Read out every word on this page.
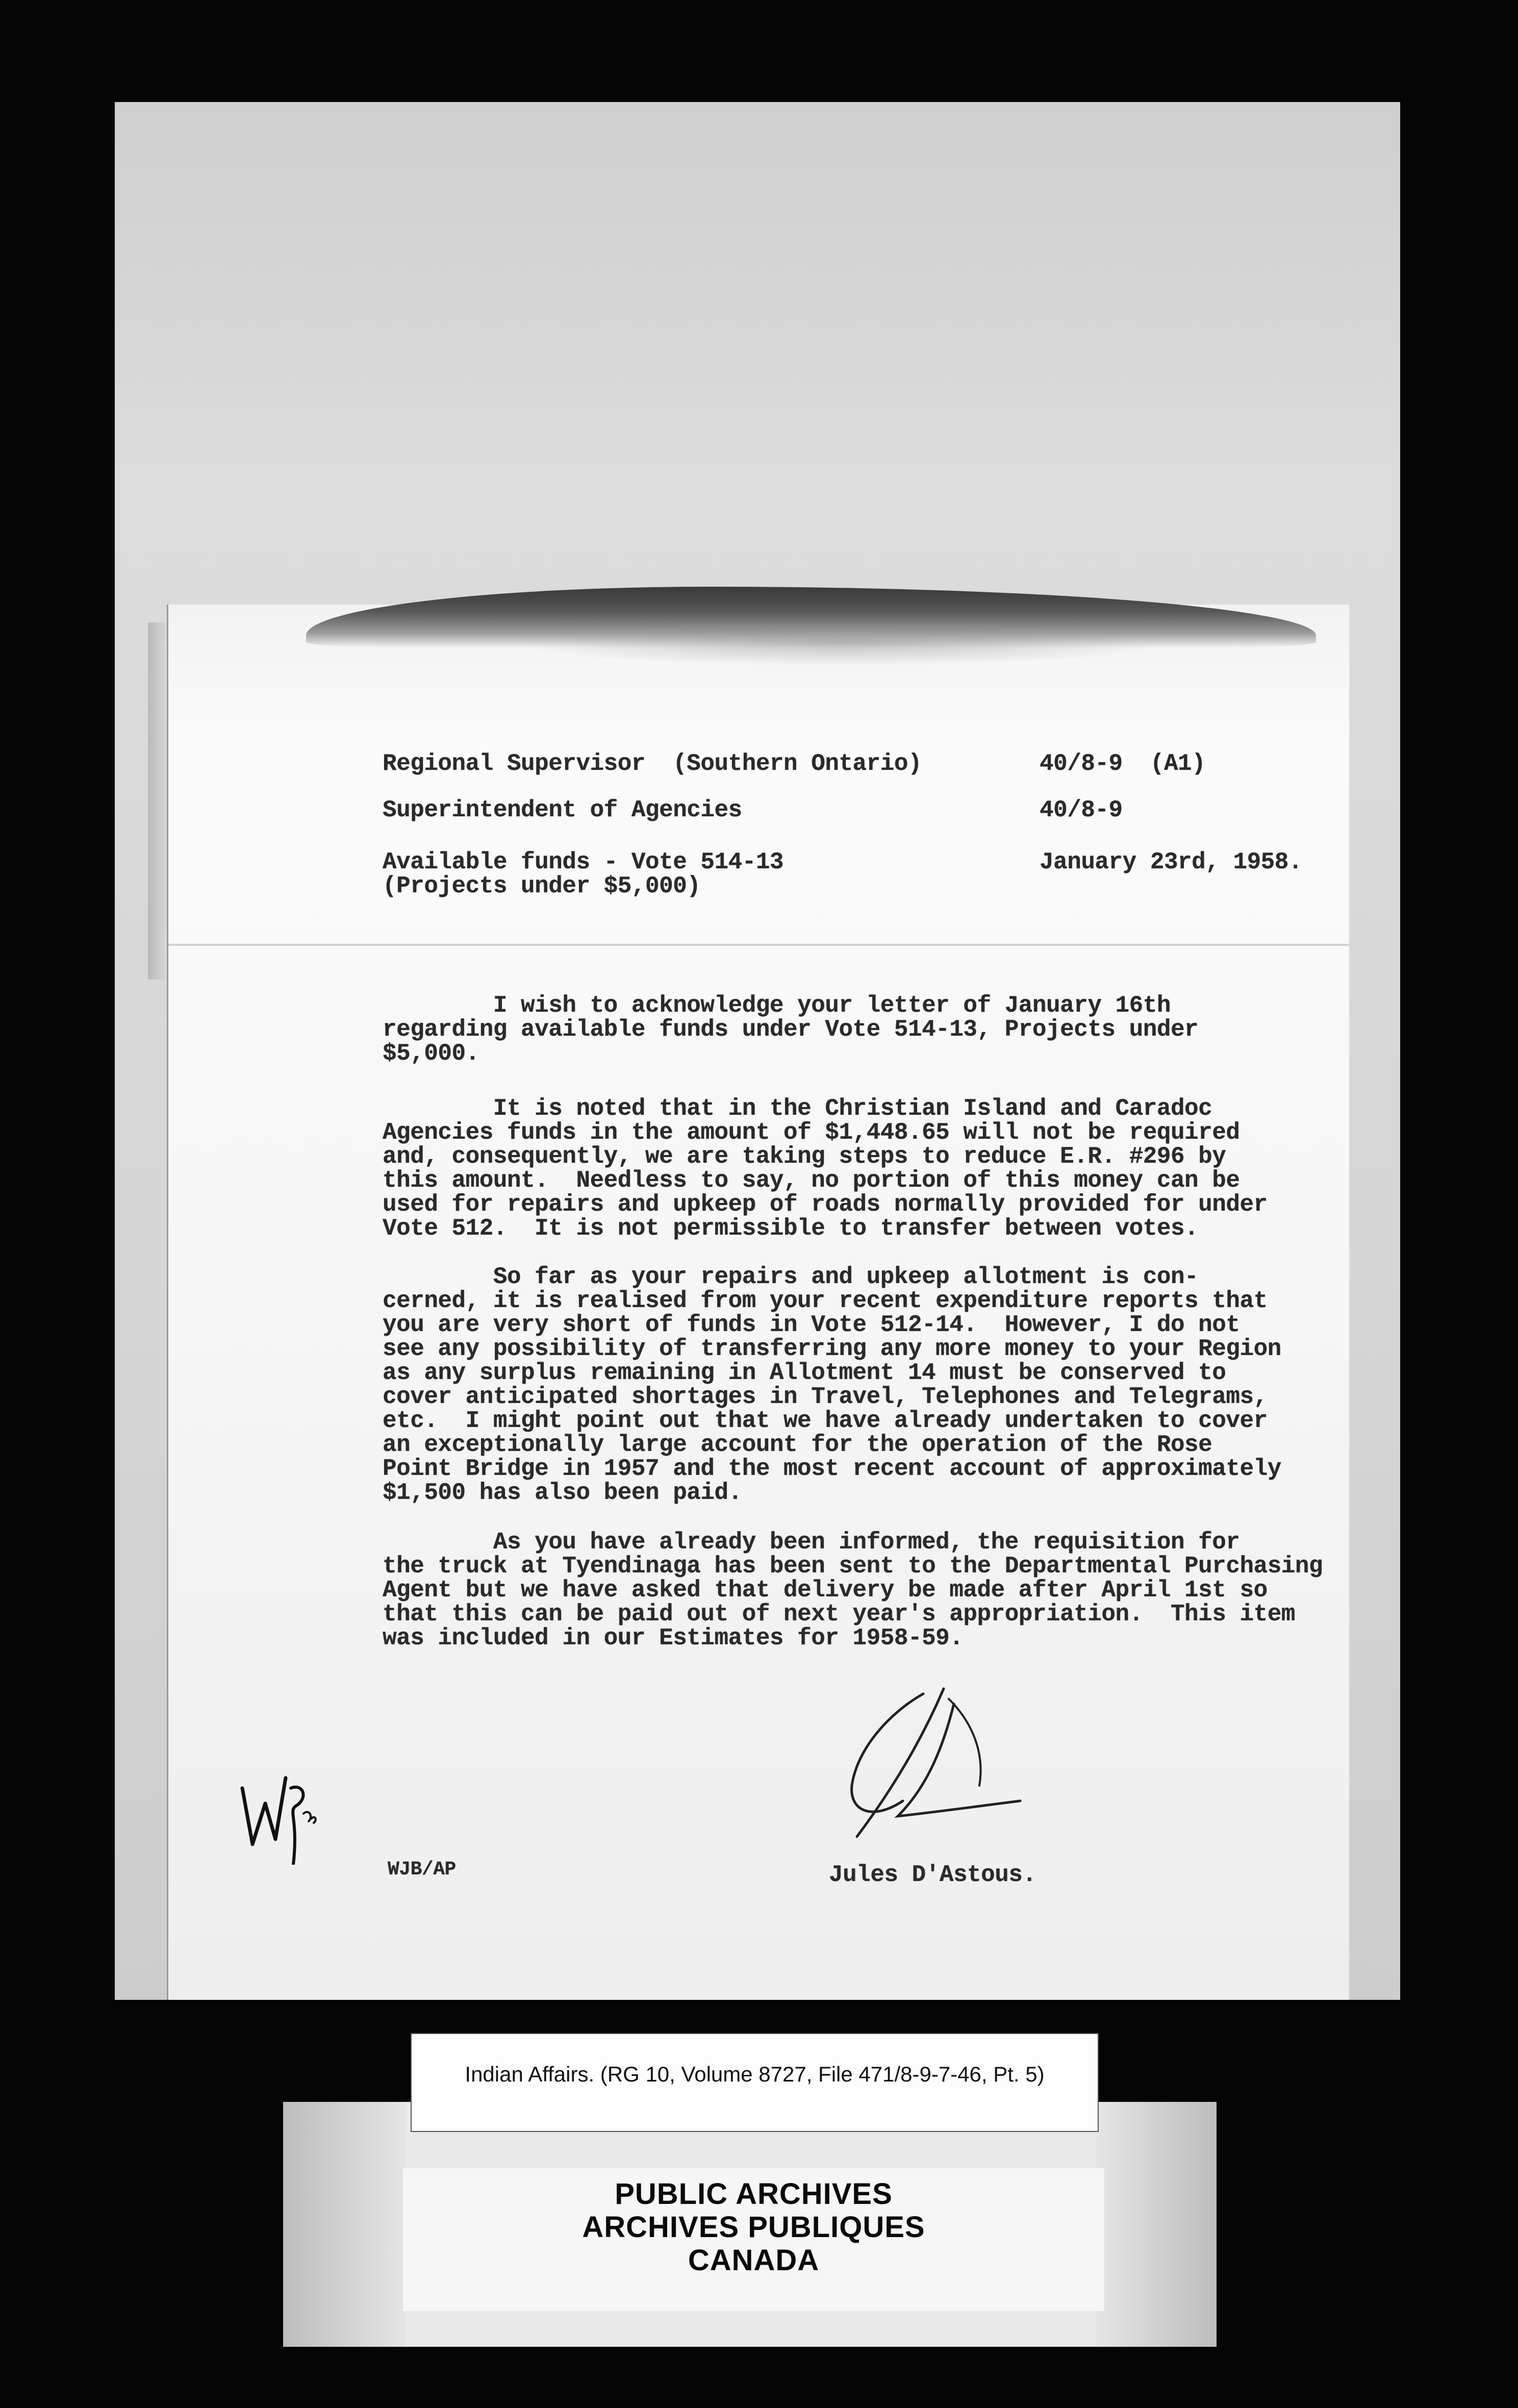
Regional Supervisor  (Southern Ontario)
Superintendent of Agencies
Available funds - Vote 514-13
(Projects under $5,000)
40/8-9  (A1)
40/8-9
January 23rd, 1958.
I wish to acknowledge your letter of January 16th
regarding available funds under Vote 514-13, Projects under
$5,000.
It is noted that in the Christian Island and Caradoc
Agencies funds in the amount of $1,448.65 will not be required
and, consequently, we are taking steps to reduce E.R. #296 by
this amount.  Needless to say, no portion of this money can be
used for repairs and upkeep of roads normally provided for under
Vote 512.  It is not permissible to transfer between votes.
So far as your repairs and upkeep allotment is con-
cerned, it is realised from your recent expenditure reports that
you are very short of funds in Vote 512-14.  However, I do not
see any possibility of transferring any more money to your Region
as any surplus remaining in Allotment 14 must be conserved to
cover anticipated shortages in Travel, Telephones and Telegrams,
etc.  I might point out that we have already undertaken to cover
an exceptionally large account for the operation of the Rose
Point Bridge in 1957 and the most recent account of approximately
$1,500 has also been paid.
As you have already been informed, the requisition for
the truck at Tyendinaga has been sent to the Departmental Purchasing
Agent but we have asked that delivery be made after April 1st so
that this can be paid out of next year's appropriation.  This item
was included in our Estimates for 1958-59.
WJB/AP	Jules D'Astous.
Indian Affairs. (RG 10, Volume 8727, File 471/8-9-7-46, Pt. 5)
PUBLIC ARCHIVES
ARCHIVES PUBLIQUES
CANADA
